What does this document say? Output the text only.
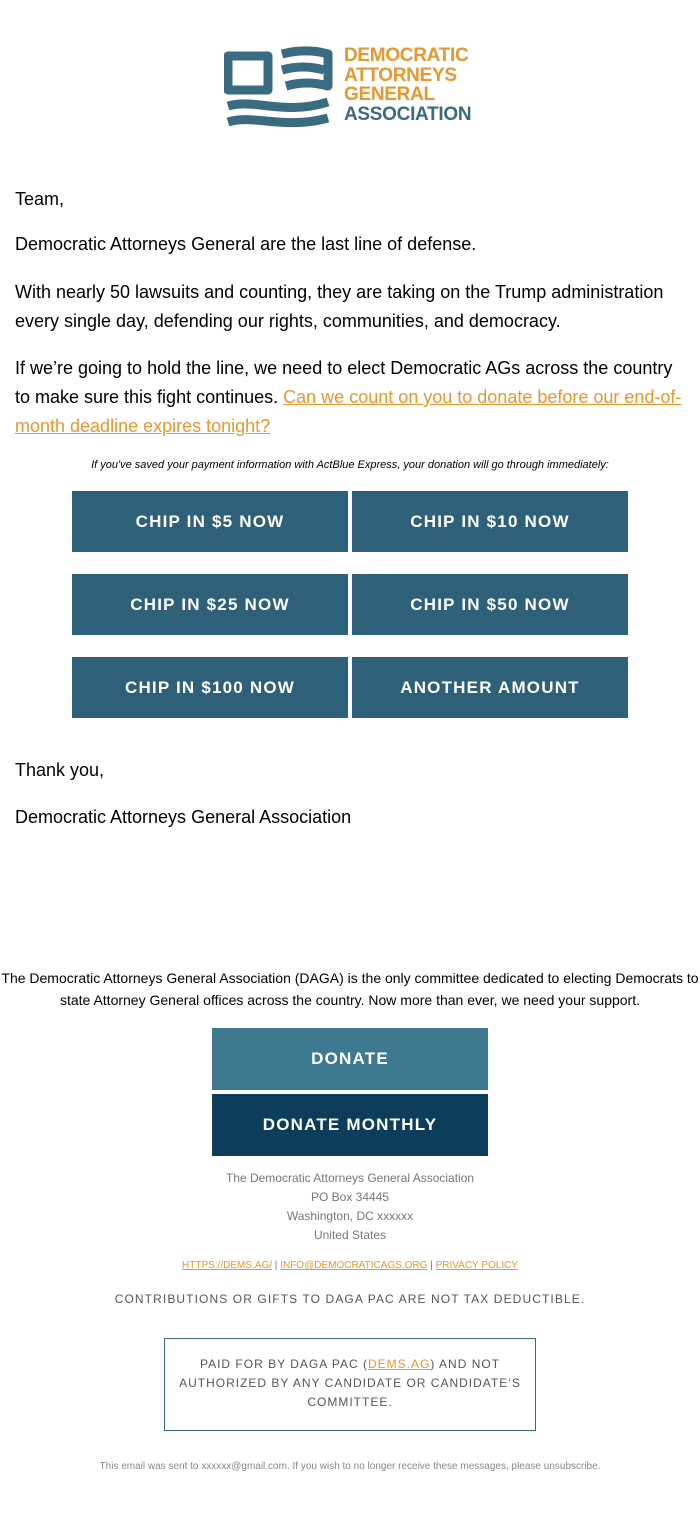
DEMOCRATIC
ATTORNEYS
GENERAL
ASSOCIATION
Team,
Democratic Attorneys General are the last line of defense.
With nearly 50 lawsuits and counting, they are taking on the Trump administration every single day, defending our rights, communities, and democracy.
If we’re going to hold the line, we need to elect Democratic AGs across the country to make sure this fight continues. Can we count on you to donate before our end-of-month deadline expires tonight?
If you've saved your payment information with ActBlue Express, your donation will go through immediately:
CHIP IN $5 NOW	CHIP IN $10 NOW
CHIP IN $25 NOW	CHIP IN $50 NOW
CHIP IN $100 NOW	ANOTHER AMOUNT
Thank you,
Democratic Attorneys General Association
The Democratic Attorneys General Association (DAGA) is the only committee dedicated to electing Democrats to state Attorney General offices across the country. Now more than ever, we need your support.
DONATE
DONATE MONTHLY
The Democratic Attorneys General Association
PO Box 34445
Washington, DC xxxxxx
United States
HTTPS://DEMS.AG/ | INFO@DEMOCRATICAGS.ORG | PRIVACY POLICY
CONTRIBUTIONS OR GIFTS TO DAGA PAC ARE NOT TAX DEDUCTIBLE.
PAID FOR BY DAGA PAC (DEMS.AG) AND NOT AUTHORIZED BY ANY CANDIDATE OR CANDIDATE’S COMMITTEE.
This email was sent to xxxxxx@gmail.com. If you wish to no longer receive these messages, please unsubscribe.
